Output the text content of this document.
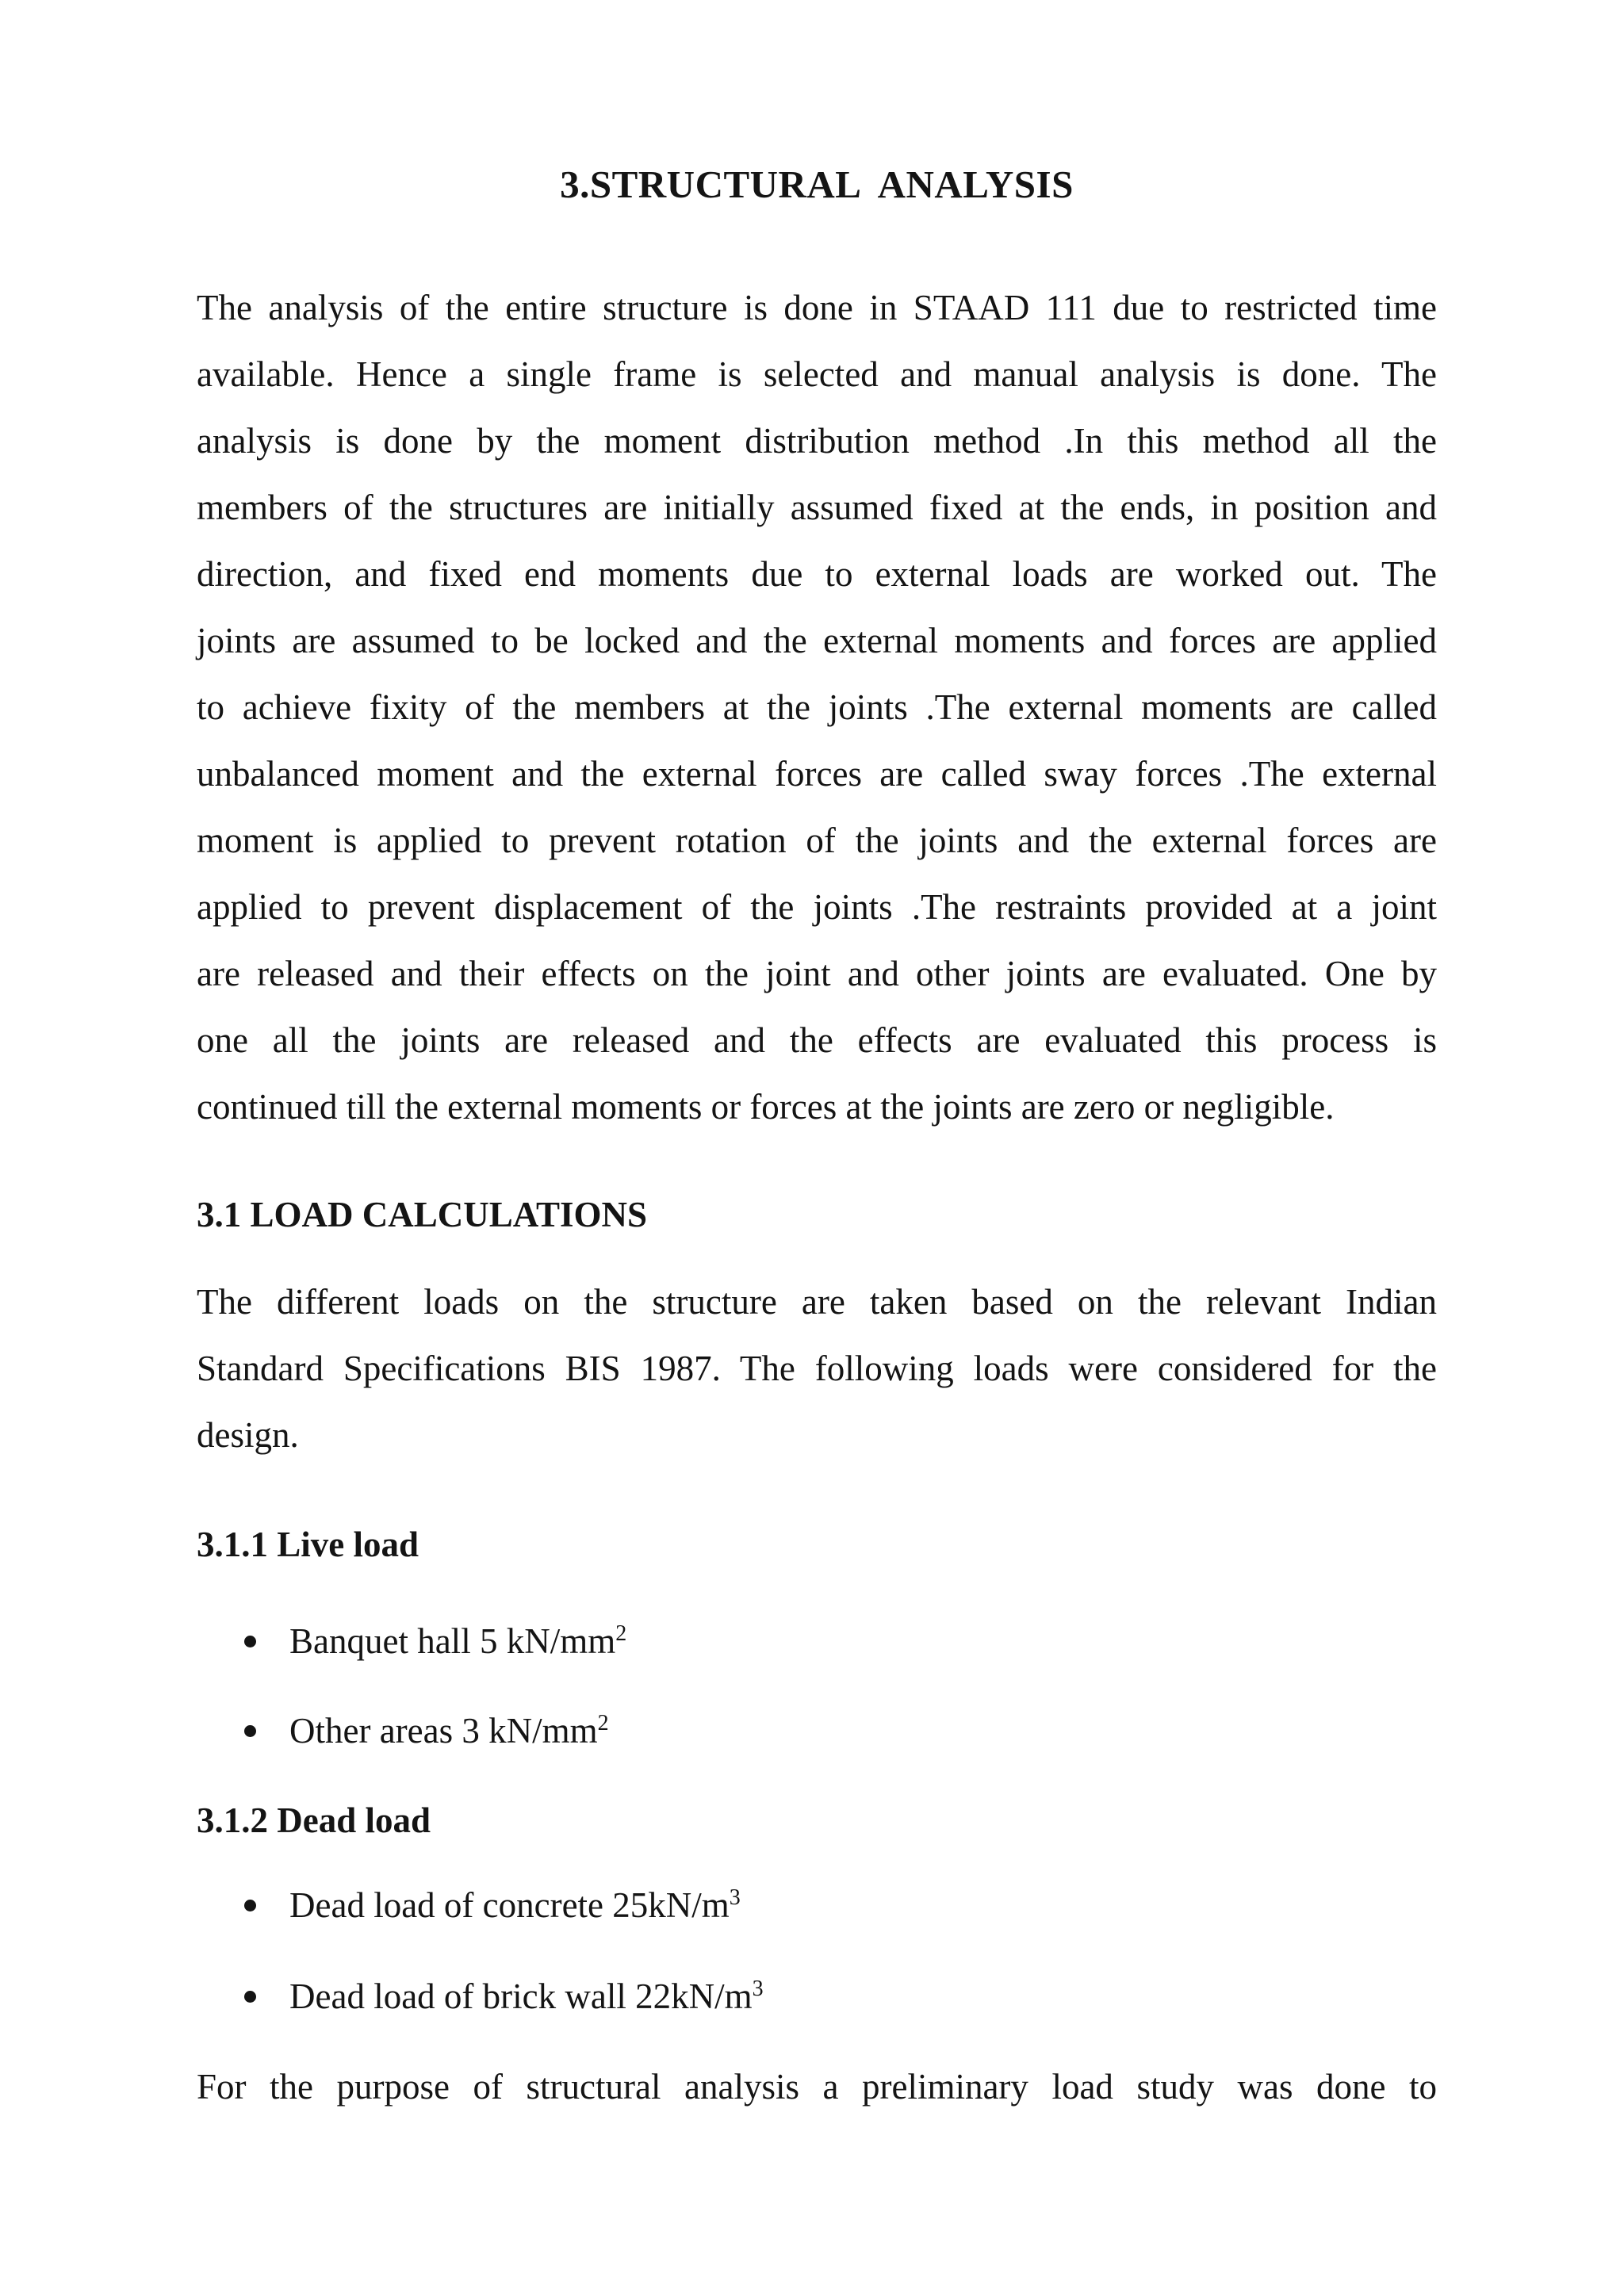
3.STRUCTURAL  ANALYSIS
The analysis of the entire structure is done in STAAD 111 due to restricted time
available. Hence a single frame is selected and manual analysis is done. The
analysis is done by the moment distribution method .In this method all the
members of the structures are initially assumed fixed at the ends, in position and
direction, and fixed end moments due to external loads are worked out. The
joints are assumed to be locked and the external moments and forces are applied
to achieve fixity of the members at the joints .The external moments are called
unbalanced moment and the external forces are called sway forces .The external
moment is applied to prevent rotation of the joints and the external forces are
applied to prevent displacement of the joints .The restraints provided at a joint
are released and their effects on the joint and other joints are evaluated. One by
one all the joints are released and the effects are evaluated this process is
continued till the external moments or forces at the joints are zero or negligible.
3.1 LOAD CALCULATIONS
The different loads on the structure are taken based on the relevant Indian
Standard Specifications BIS 1987. The following loads were considered for the
design.
3.1.1 Live load
Banquet hall 5 $kN/mm^2$
Other areas 3 $kN/mm^2$
3.1.2 Dead load
Dead load of concrete $25kN/m^3$
Dead load of brick wall $22kN/m^3$
For the purpose of structural analysis a preliminary load study was done to
